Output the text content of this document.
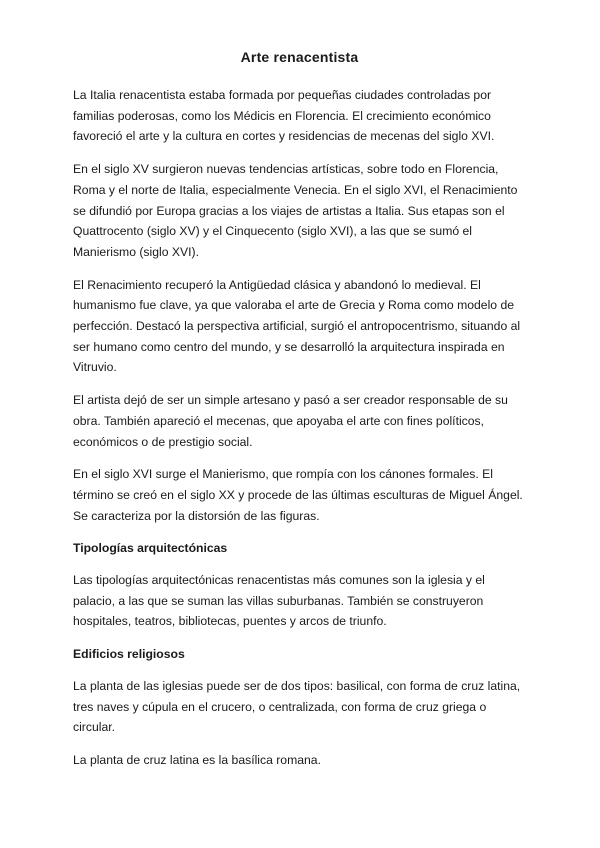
Arte renacentista

La Italia renacentista estaba formada por pequeñas ciudades controladas por familias poderosas, como los Médicis en Florencia. El crecimiento económico favoreció el arte y la cultura en cortes y residencias de mecenas del siglo XVI.

En el siglo XV surgieron nuevas tendencias artísticas, sobre todo en Florencia, Roma y el norte de Italia, especialmente Venecia. En el siglo XVI, el Renacimiento se difundió por Europa gracias a los viajes de artistas a Italia. Sus etapas son el Quattrocento (siglo XV) y el Cinquecento (siglo XVI), a las que se sumó el Manierismo (siglo XVI).

El Renacimiento recuperó la Antigüedad clásica y abandonó lo medieval. El humanismo fue clave, ya que valoraba el arte de Grecia y Roma como modelo de perfección. Destacó la perspectiva artificial, surgió el antropocentrismo, situando al ser humano como centro del mundo, y se desarrolló la arquitectura inspirada en Vitruvio.

El artista dejó de ser un simple artesano y pasó a ser creador responsable de su obra. También apareció el mecenas, que apoyaba el arte con fines políticos, económicos o de prestigio social.

En el siglo XVI surge el Manierismo, que rompía con los cánones formales. El término se creó en el siglo XX y procede de las últimas esculturas de Miguel Ángel. Se caracteriza por la distorsión de las figuras.

Tipologías arquitectónicas

Las tipologías arquitectónicas renacentistas más comunes son la iglesia y el palacio, a las que se suman las villas suburbanas. También se construyeron hospitales, teatros, bibliotecas, puentes y arcos de triunfo.

Edificios religiosos

La planta de las iglesias puede ser de dos tipos: basilical, con forma de cruz latina, tres naves y cúpula en el crucero, o centralizada, con forma de cruz griega o circular.

La planta de cruz latina es la basílica romana.
